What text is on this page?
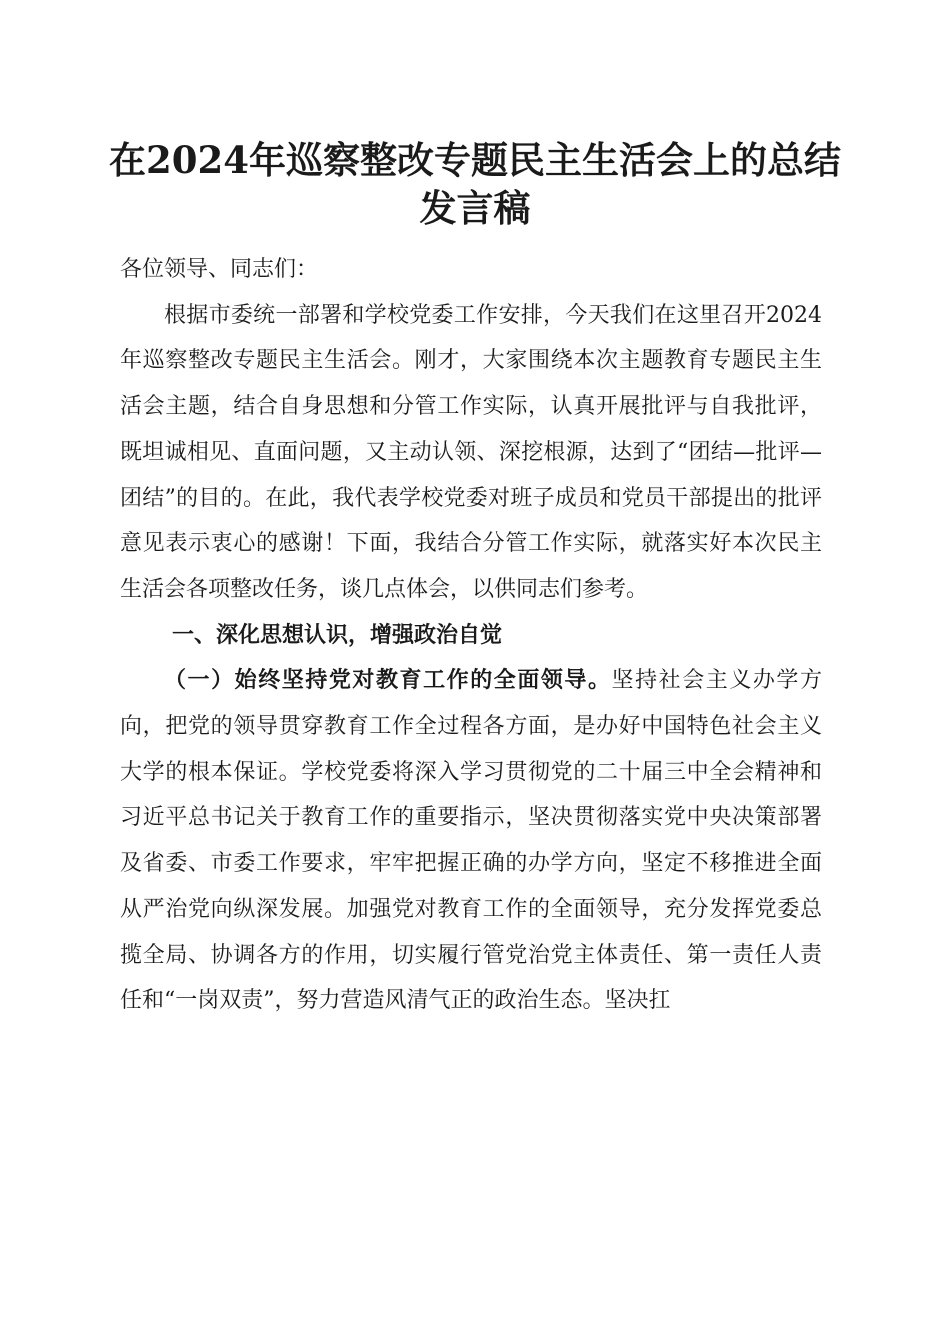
在2024年巡察整改专题民主生活会上的总结
发言稿

各位领导、同志们：

根据市委统一部署和学校党委工作安排，今天我们在这里召开2024年巡察整改专题民主生活会。刚才，大家围绕本次主题教育专题民主生活会主题，结合自身思想和分管工作实际，认真开展批评与自我批评，既坦诚相见、直面问题，又主动认领、深挖根源，达到了“团结—批评—团结”的目的。在此，我代表学校党委对班子成员和党员干部提出的批评意见表示衷心的感谢！下面，我结合分管工作实际，就落实好本次民主生活会各项整改任务，谈几点体会，以供同志们参考。

一、深化思想认识，增强政治自觉

（一）始终坚持党对教育工作的全面领导。坚持社会主义办学方向，把党的领导贯穿教育工作全过程各方面，是办好中国特色社会主义大学的根本保证。学校党委将深入学习贯彻党的二十届三中全会精神和习近平总书记关于教育工作的重要指示，坚决贯彻落实党中央决策部署及省委、市委工作要求，牢牢把握正确的办学方向，坚定不移推进全面从严治党向纵深发展。加强党对教育工作的全面领导，充分发挥党委总揽全局、协调各方的作用，切实履行管党治党主体责任、第一责任人责任和“一岗双责”，努力营造风清气正的政治生态。坚决扛
